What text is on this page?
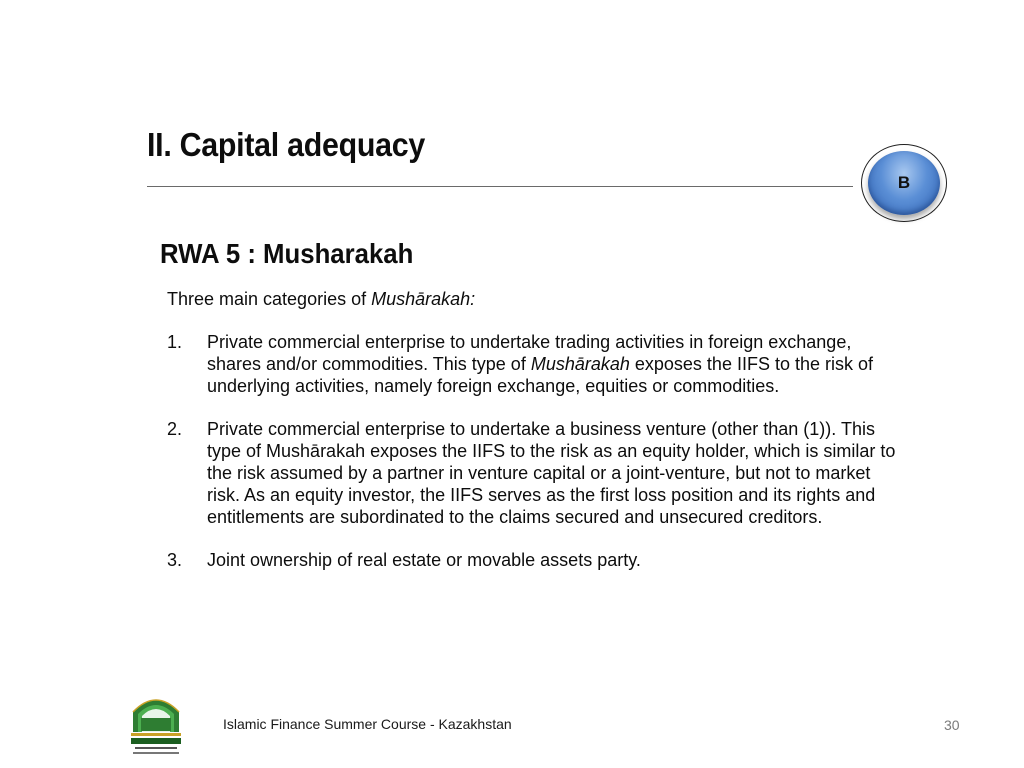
II. Capital adequacy
B
RWA 5 : Musharakah

Three main categories of Mushārakah:

1. Private commercial enterprise to undertake trading activities in foreign exchange, shares and/or commodities. This type of Mushārakah exposes the IIFS to the risk of underlying activities, namely foreign exchange, equities or commodities.
2. Private commercial enterprise to undertake a business venture (other than (1)). This type of Mushārakah exposes the IIFS to the risk as an equity holder, which is similar to the risk assumed by a partner in venture capital or a joint-venture, but not to market risk. As an equity investor, the IIFS serves as the first loss position and its rights and entitlements are subordinated to the claims secured and unsecured creditors.
3. Joint ownership of real estate or movable assets party.
Islamic Finance Summer Course - Kazakhstan	30
